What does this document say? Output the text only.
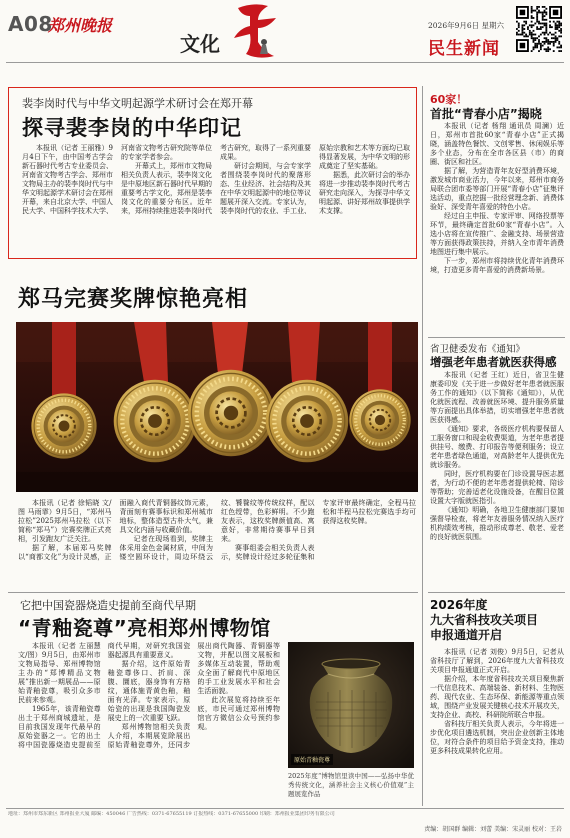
A08
郑州晚报
文化
2026年9月6日 星期六
民生新闻
裴李岗时代与中华文明起源学术研讨会在郑开幕
探寻裴李岗的中华印记

本报讯（记者 王丽雅）9月4日下午，由中国考古学会新石器时代考古专业委员会、河南省文物考古学会、郑州市文物局主办的裴李岗时代与中华文明起源学术研讨会在郑州开幕，来自北京大学、中国人民大学、中国科学技术大学、河南省文物考古研究院等单位的专家学者参会。

开幕式上，郑州市文物局相关负责人表示，裴李岗文化是中原地区新石器时代早期的重要考古学文化，郑州是裴李岗文化的重要分布区。近年来，郑州持续推进裴李岗时代考古研究，取得了一系列重要成果。

研讨会期间，与会专家学者围绕裴李岗时代的聚落形态、生业经济、社会结构及其在中华文明起源中的地位等议题展开深入交流。专家认为，裴李岗时代的农业、手工业、原始宗教和艺术等方面均已取得显著发展，为中华文明的形成奠定了坚实基础。

据悉，此次研讨会的举办将进一步推动裴李岗时代考古研究走向深入，为探寻中华文明起源、讲好郑州故事提供学术支撑。

郑马完赛奖牌惊艳亮相

本报讯（记者 徐韬晓 文/图 马雨霏）9月5日，“郑州马拉松”2025郑州马拉松（以下简称“郑马”）完赛奖牌正式亮相，引发跑友广泛关注。

据了解，本届郑马奖牌以“商都文化”为设计灵感，正面融入商代青铜器纹饰元素，背面刻有赛事标识和郑州城市地标，整体造型古朴大气，兼具文化内涵与收藏价值。

记者在现场看到，奖牌主体采用金色金属材质，中间为镂空圆环设计，周边环绕云纹、饕餮纹等传统纹样，配以红色绶带，色彩鲜明。不少跑友表示，这枚奖牌颜值高、寓意好，非常期待赛事早日到来。

赛事组委会相关负责人表示，奖牌设计经过多轮征集和专家评审最终确定，全程马拉松和半程马拉松完赛选手均可获得这枚奖牌。

它把中国瓷器烧造史提前至商代早期
“青釉瓷尊”亮相郑州博物馆

本报讯（记者 左丽慧 文/图）9月5日，由郑州市文物局指导、郑州博物馆主办的“郑博精品文物展”推出新一期展品——原始青釉瓷尊，吸引众多市民前来参观。

1965年，该青釉瓷尊出土于郑州商城遗址，是目前我国发现年代最早的原始瓷器之一。它的出土将中国瓷器烧造史提前至商代早期，对研究我国瓷器起源具有重要意义。

据介绍，这件原始青釉瓷尊侈口、折肩、深腹、圜底，器身饰有方格纹，通体施青黄色釉，釉面有光泽。专家表示，原始瓷的出现是我国陶瓷发展史上的一次重要飞跃。

郑州博物馆相关负责人介绍，本期展览除展出原始青釉瓷尊外，还同步展出商代陶器、青铜器等文物，并配以图文展板和多媒体互动装置，帮助观众全面了解商代中原地区的手工业发展水平和社会生活面貌。

此次展览将持续至年底，市民可通过郑州博物馆官方微信公众号预约参观。

原始青釉瓷尊
2025年度“博物馆里读中国——弘扬中华优秀传统文化，涵养社会主义核心价值观”主题展览作品
60家！
首批“青春小店”揭晓

本报讯（记者 杨翔 通讯员 周澜）近日，郑州市首批60家“青春小店”正式揭晓，涵盖特色餐饮、文创零售、休闲娱乐等多个业态，分布在全市各区县（市）的商圈、街区和社区。

据了解，为营造青年友好型消费环境，激发城市商业活力，今年以来，郑州市商务局联合团市委等部门开展“青春小店”征集评选活动，重点挖掘一批经营理念新、消费体验好、深受青年喜爱的特色小店。

经过自主申报、专家评审、网络投票等环节，最终确定首批60家“青春小店”。入选小店将在宣传推广、金融支持、场景营造等方面获得政策扶持，并纳入全市青年消费地图进行集中展示。

下一步，郑州市将持续优化青年消费环境，打造更多青年喜爱的消费新场景。

省卫健委发布《通知》
增强老年患者就医获得感

本报讯（记者 王红）近日，省卫生健康委印发《关于进一步做好老年患者就医服务工作的通知》（以下简称《通知》），从优化就医流程、改善就医环境、提升服务质量等方面提出具体举措，切实增强老年患者就医获得感。

《通知》要求，各级医疗机构要保留人工服务窗口和现金收费渠道，为老年患者提供挂号、缴费、打印报告等便利服务；设立老年患者绿色通道，对高龄老年人提供优先就诊服务。

同时，医疗机构要在门诊设置导医志愿者，为行动不便的老年患者提供轮椅、陪诊等帮助；完善适老化设施设备，在醒目位置设置大字版就医指引。

《通知》明确，各地卫生健康部门要加强督导检查，将老年友善服务情况纳入医疗机构绩效考核，推动形成尊老、敬老、爱老的良好就医氛围。

2026年度
九大省科技攻关项目
申报通道开启

本报讯（记者 刘俊）9月5日，记者从省科技厅了解到，2026年度九大省科技攻关项目申报通道正式开启。

据介绍，本年度省科技攻关项目聚焦新一代信息技术、高端装备、新材料、生物医药、现代农业、生态环保、新能源等重点领域，围绕产业发展关键核心技术开展攻关，支持企业、高校、科研院所联合申报。

省科技厅相关负责人表示，今年将进一步优化项目遴选机制，突出企业创新主体地位，对符合条件的项目给予资金支持，推动更多科技成果转化应用。

地址：郑州市郑东新区 郑州报业大厦 邮编：450046 广告热线：0371-67655119 订报热线：0371-67655000 印刷：郑州报业集团印务有限公司
责编：胡国群 编辑：刘蕾 美编：宋灵丽 校对：王岩
